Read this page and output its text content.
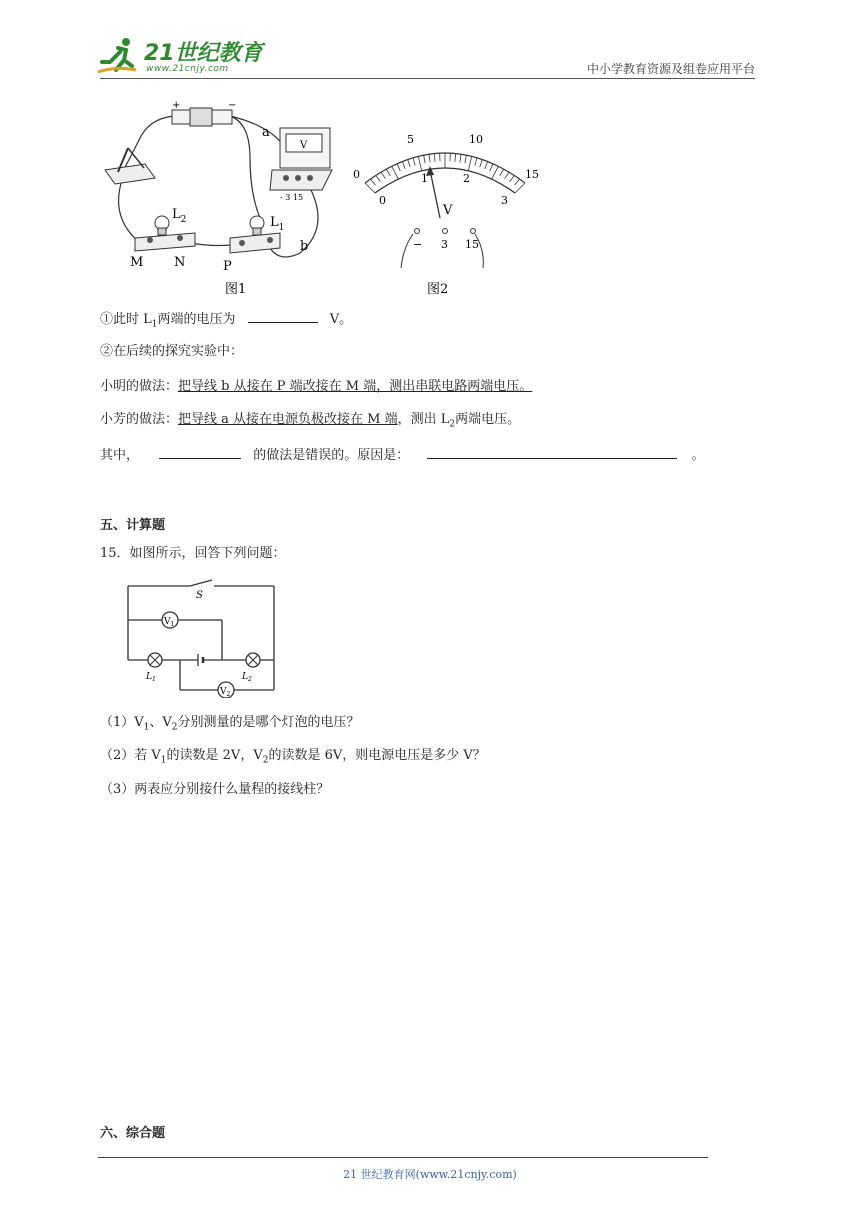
21世纪教育
www.21cnjy.com	中小学教育资源及组卷应用平台
+	−
a
b
V
- 3 15
$L_2$	$L_1$
M N	P
图1
0
5	10
15
0
1	2
3
V
− 3 15
图2
①此时 $L_1$两端的电压为	V。
②在后续的探究实验中：
小明的做法：把导线 b 从接在 P 端改接在 M 端，测出串联电路两端电压。
小芳的做法：把导线 a 从接在电源负极改接在 M 端，测出 $L_2$两端电压。
其中，	的做法是错误的。原因是：	。
五、计算题
15．如图所示，回答下列问题：
S
$V_1$
$V_2$
$L_1$	$L_2$
$(1)V_1$、$V_2$分别测量的是哪个灯泡的电压？
（2）若 $V_1$的读数是 2V，$V_2$的读数是 6V，则电源电压是多少 V？
（3）两表应分别接什么量程的接线柱？
六、综合题
21 世纪教育网(www.21cnjy.com)
